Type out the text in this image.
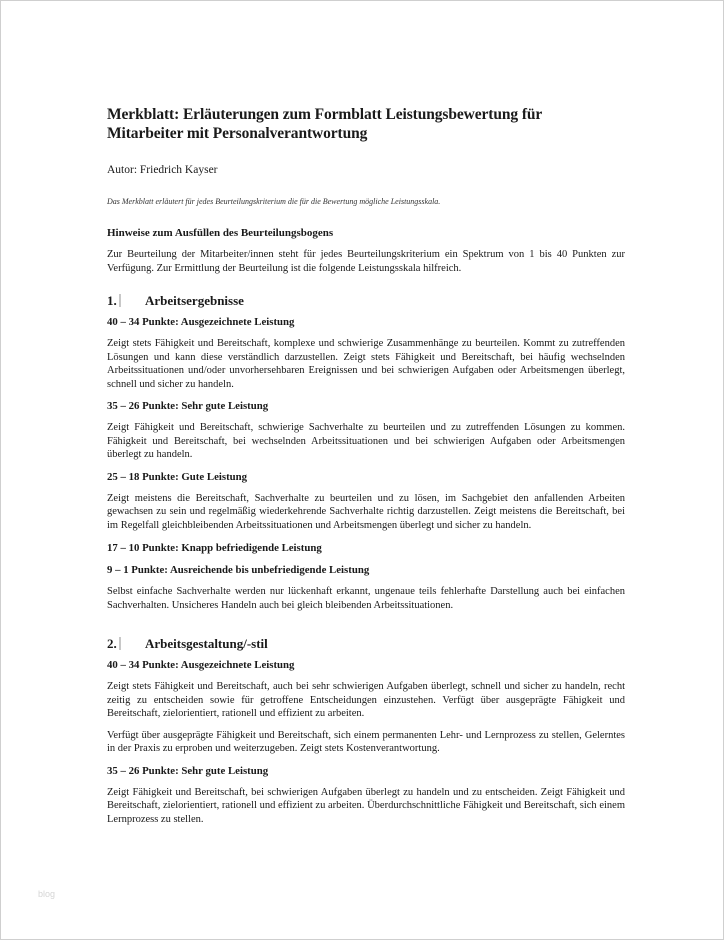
Merkblatt: Erläuterungen zum Formblatt Leistungsbewertung für
Mitarbeiter mit Personalverantwortung
Autor: Friedrich Kayser
Das Merkblatt erläutert für jedes Beurteilungskriterium die für die Bewertung mögliche Leistungsskala.
Hinweise zum Ausfüllen des Beurteilungsbogens

Zur Beurteilung der Mitarbeiter/innen steht für jedes Beurteilungskriterium ein Spektrum von 1 bis 40 Punkten zur Verfügung. Zur Ermittlung der Beurteilung ist die folgende Leistungsskala hilfreich.

1.	Arbeitsergebnisse
40 – 34 Punkte: Ausgezeichnete Leistung

Zeigt stets Fähigkeit und Bereitschaft, komplexe und schwierige Zusammenhänge zu beurteilen. Kommt zu zutreffenden Lösungen und kann diese verständlich darzustellen. Zeigt stets Fähigkeit und Bereitschaft, bei häufig wechselnden Arbeitssituationen und/oder unvorhersehbaren Ereignissen und bei schwierigen Aufgaben oder Arbeitsmengen überlegt, schnell und sicher zu handeln.

35 – 26 Punkte: Sehr gute Leistung

Zeigt Fähigkeit und Bereitschaft, schwierige Sachverhalte zu beurteilen und zu zutreffenden Lösungen zu kommen. Fähigkeit und Bereitschaft, bei wechselnden Arbeitssituationen und bei schwierigen Aufgaben oder Arbeitsmengen überlegt zu handeln.

25 – 18 Punkte: Gute Leistung

Zeigt meistens die Bereitschaft, Sachverhalte zu beurteilen und zu lösen, im Sachgebiet den anfallenden Arbeiten gewachsen zu sein und regelmäßig wiederkehrende Sachverhalte richtig darzustellen. Zeigt meistens die Bereitschaft, bei im Regelfall gleichbleibenden Arbeitssituationen und Arbeitsmengen überlegt und sicher zu handeln.

17 – 10 Punkte: Knapp befriedigende Leistung
9 – 1 Punkte: Ausreichende bis unbefriedigende Leistung

Selbst einfache Sachverhalte werden nur lückenhaft erkannt, ungenaue teils fehlerhafte Darstellung auch bei einfachen Sachverhalten. Unsicheres Handeln auch bei gleich bleibenden Arbeitssituationen.

2.	Arbeitsgestaltung/-stil
40 – 34 Punkte: Ausgezeichnete Leistung

Zeigt stets Fähigkeit und Bereitschaft, auch bei sehr schwierigen Aufgaben überlegt, schnell und sicher zu handeln, recht zeitig zu entscheiden sowie für getroffene Entscheidungen einzustehen. Verfügt über ausgeprägte Fähigkeit und Bereitschaft, zielorientiert, rationell und effizient zu arbeiten.

Verfügt über ausgeprägte Fähigkeit und Bereitschaft, sich einem permanenten Lehr- und Lernprozess zu stellen, Gelerntes in der Praxis zu erproben und weiterzugeben. Zeigt stets Kostenverantwortung.

35 – 26 Punkte: Sehr gute Leistung

Zeigt Fähigkeit und Bereitschaft, bei schwierigen Aufgaben überlegt zu handeln und zu entscheiden. Zeigt Fähigkeit und Bereitschaft, zielorientiert, rationell und effizient zu arbeiten. Überdurchschnittliche Fähigkeit und Bereitschaft, sich einem Lernprozess zu stellen.

blog
